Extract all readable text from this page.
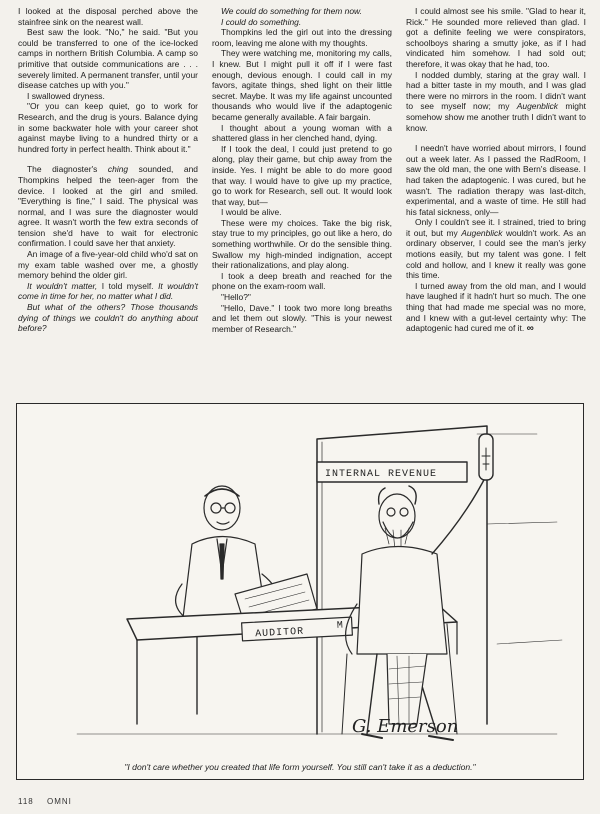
I looked at the disposal perched above the stainfree sink on the nearest wall.

Best saw the look. "No," he said. "But you could be transferred to one of the ice-locked camps in northern British Columbia. A camp so primitive that outside communications are . . . severely limited. A permanent transfer, until your disease catches up with you."

I swallowed dryness.

"Or you can keep quiet, go to work for Research, and the drug is yours. Balance dying in some backwater hole with your career shot against maybe living to a hundred thirty or a hundred forty in perfect health. Think about it."

The diagnoster's ching sounded, and Thompkins helped the teen-ager from the device. I looked at the girl and smiled. "Everything is fine," I said. The physical was normal, and I was sure the diagnoster would agree. It wasn't worth the few extra seconds of tension she'd have to wait for electronic confirmation. I could save her that anxiety.

An image of a five-year-old child who'd sat on my exam table washed over me, a ghostly memory behind the older girl.

It wouldn't matter, I told myself. It wouldn't come in time for her, no matter what I did.

But what of the others? Those thousands dying of things we couldn't do anything about before?

We could do something for them now.

I could do something.

Thompkins led the girl out into the dressing room, leaving me alone with my thoughts.

They were watching me, monitoring my calls, I knew. But I might pull it off if I were fast enough, devious enough. I could call in my favors, agitate things, shed light on their little secret. Maybe. It was my life against uncounted thousands who would live if the adaptogenic became generally available. A fair bargain.

I thought about a young woman with a shattered glass in her clenched hand, dying.

If I took the deal, I could just pretend to go along, play their game, but chip away from the inside. Yes. I might be able to do more good that way. I would have to give up my practice, go to work for Research, sell out. It would look that way, but—

I would be alive.

These were my choices. Take the big risk, stay true to my principles, go out like a hero, do something worthwhile. Or do the sensible thing. Swallow my high-minded indignation, accept their rationalizations, and play along.

I took a deep breath and reached for the phone on the exam-room wall.

"Hello?"

"Hello, Dave." I took two more long breaths and let them out slowly. "This is your newest member of Research."

I could almost see his smile. "Glad to hear it, Rick." He sounded more relieved than glad. I got a definite feeling we were conspirators, schoolboys sharing a smutty joke, as if I had vindicated him somehow. I had sold out; therefore, it was okay that he had, too.

I nodded dumbly, staring at the gray wall. I had a bitter taste in my mouth, and I was glad there were no mirrors in the room. I didn't want to see myself now; my Augenblick might somehow show me another truth I didn't want to know.

I needn't have worried about mirrors, I found out a week later. As I passed the RadRoom, I saw the old man, the one with Bern's disease. I had taken the adaptogenic. I was cured, but he wasn't. The radiation therapy was last-ditch, experimental, and a waste of time. He still had his fatal sickness, only—

Only I couldn't see it. I strained, tried to bring it out, but my Augenblick wouldn't work. As an ordinary observer, I could see the man's jerky motions easily, but my talent was gone. I felt cold and hollow, and I knew it really was gone this time.

I turned away from the old man, and I would have laughed if it hadn't hurt so much. The one thing that had made me special was no more, and I knew with a gut-level certainty why: The adaptogenic had cured me of it. ∞

INTERNAL REVENUE
AUDITOR
M
G. Emerson
"I don't care whether you created that life form yourself. You still can't take it as a deduction."
118 OMNI
